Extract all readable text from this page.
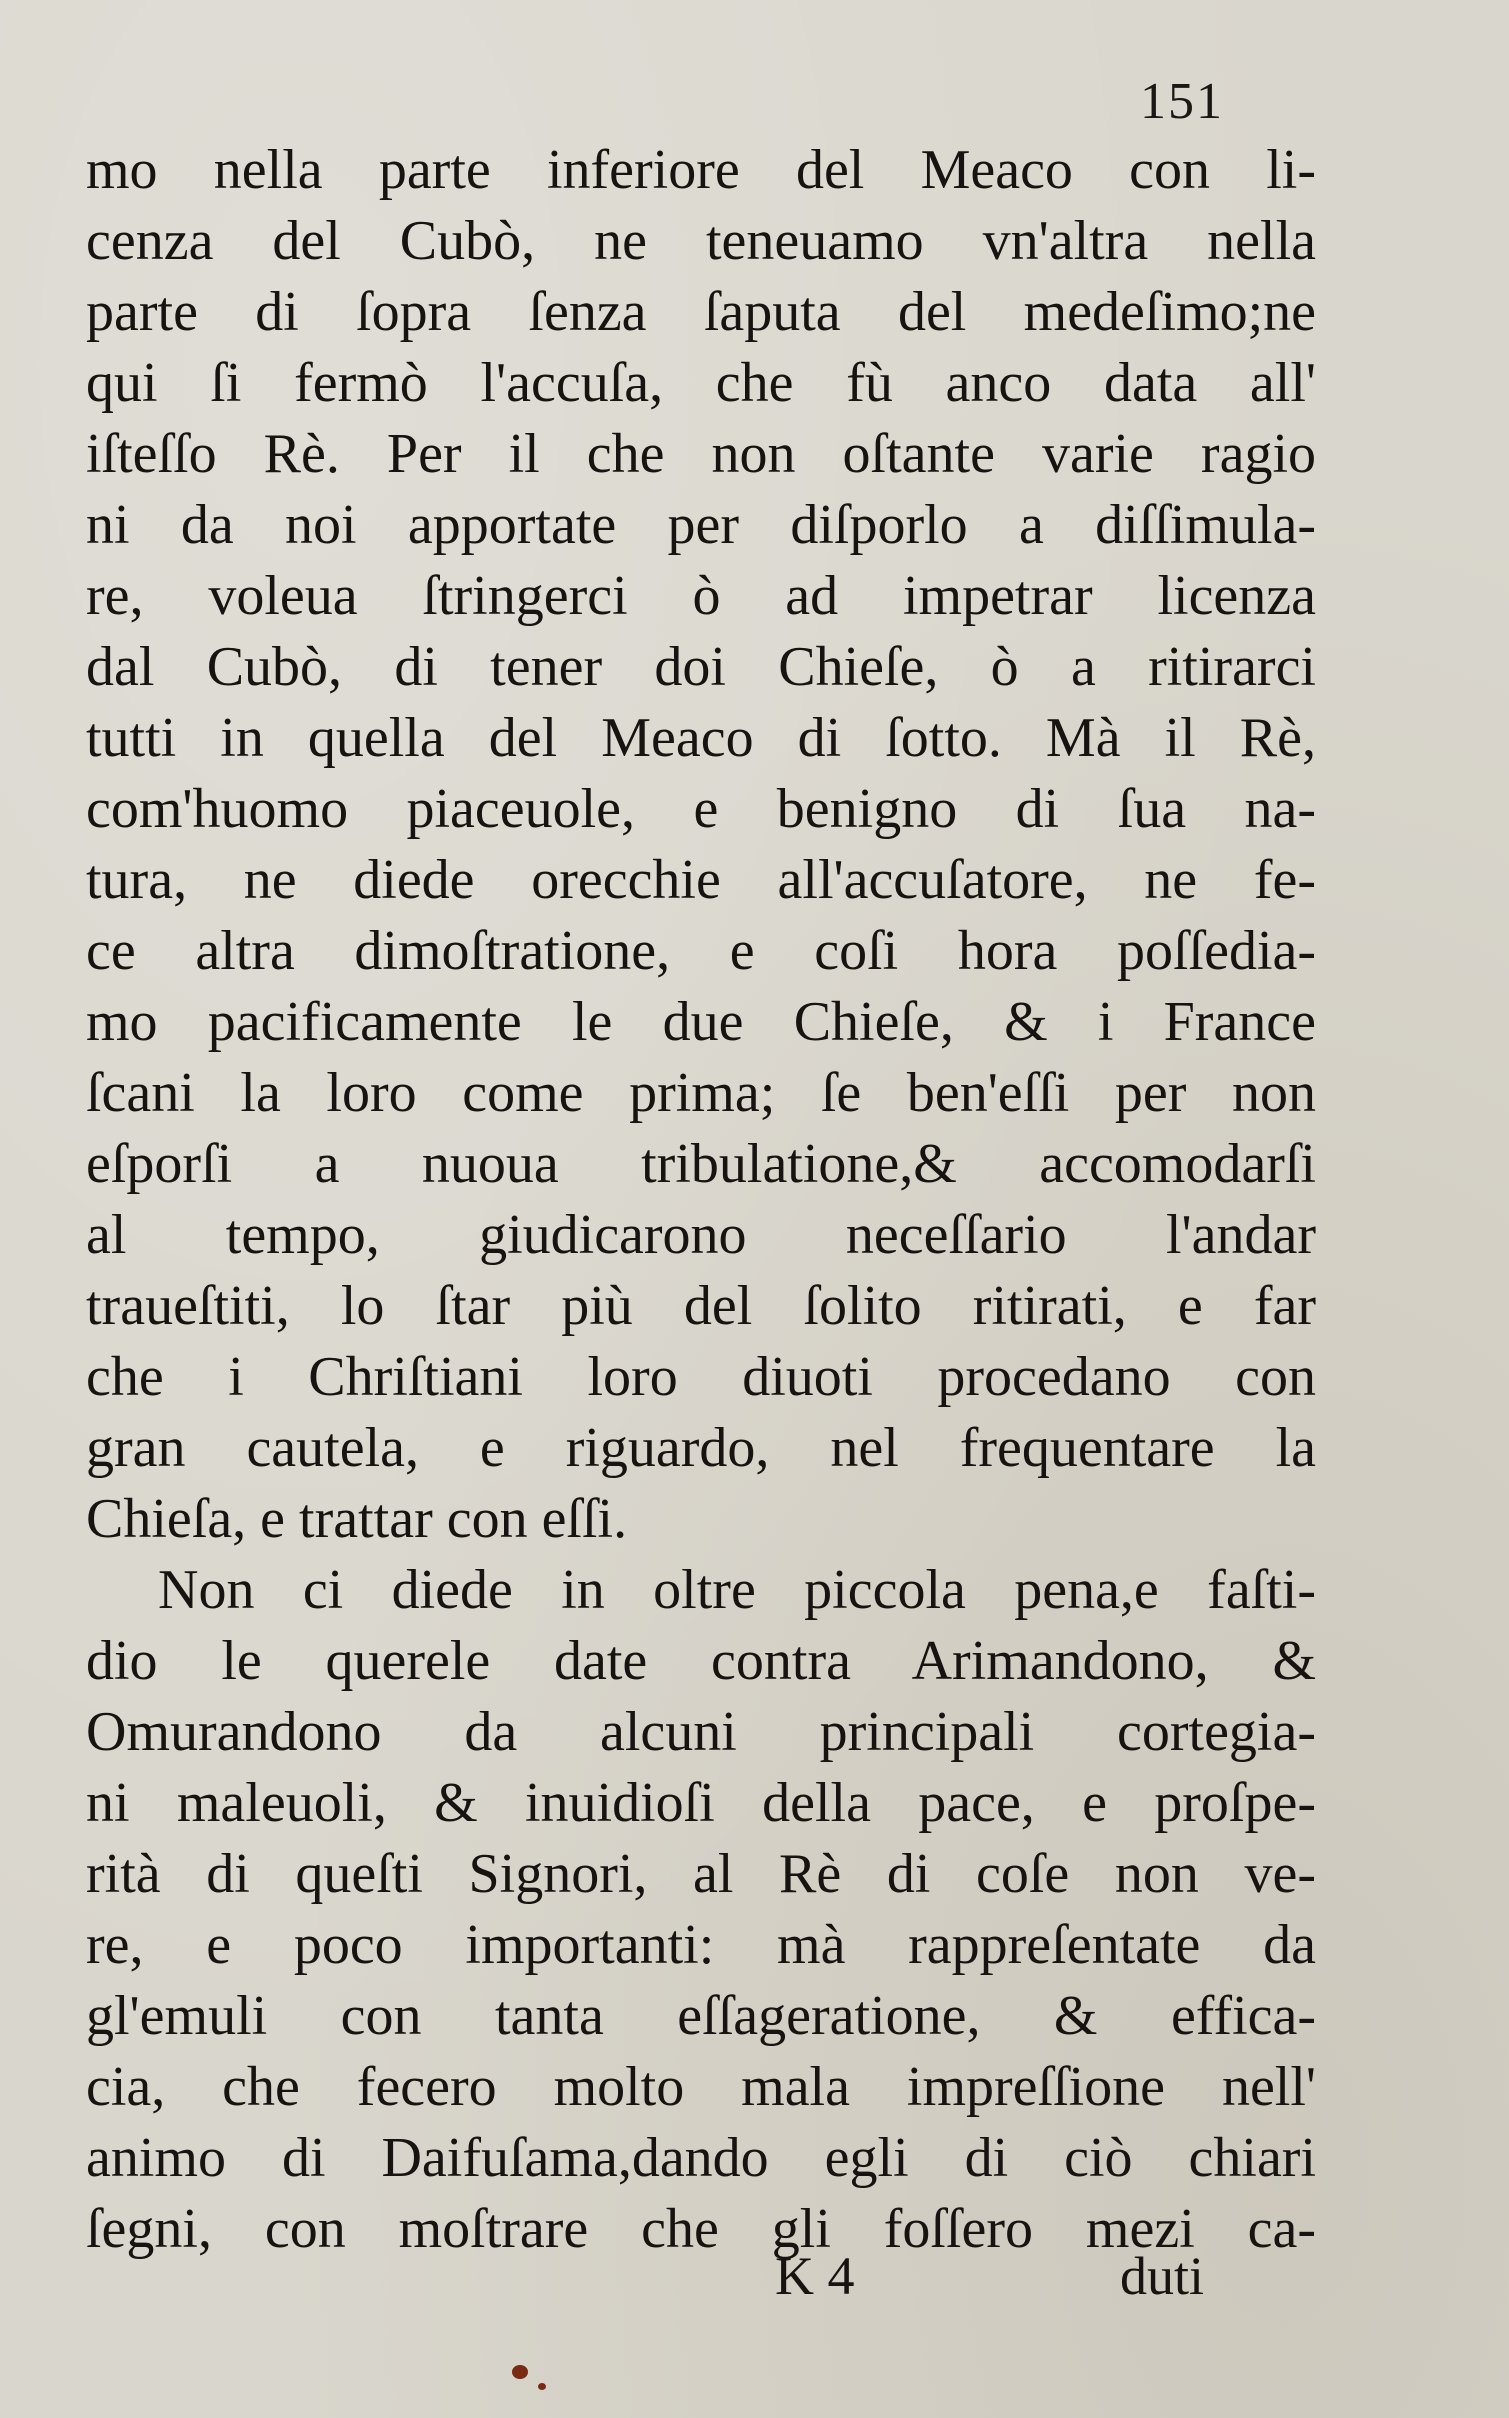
151
mo nella parte inferiore del Meaco con li-
cenza del Cubò, ne teneuamo vn'altra nella
parte di ſopra ſenza ſaputa del medeſimo;ne
qui ſi fermò l'accuſa, che fù anco data all'
iſteſſo Rè. Per il che non oſtante varie ragio
ni da noi apportate per diſporlo a diſſimula-
re, voleua ſtringerci ò ad impetrar licenza
dal Cubò, di tener doi Chieſe, ò a ritirarci
tutti in quella del Meaco di ſotto. Mà il Rè,
com'huomo piaceuole, e benigno di ſua na-
tura, ne diede orecchie all'accuſatore, ne fe-
ce altra dimoſtratione, e coſi hora poſſedia-
mo pacificamente le due Chieſe, & i France
ſcani la loro come prima; ſe ben'eſſi per non
eſporſi a nuoua tribulatione,& accomodarſi
al tempo, giudicarono neceſſario l'andar
traueſtiti, lo ſtar più del ſolito ritirati, e far
che i Chriſtiani loro diuoti procedano con
gran cautela, e riguardo, nel frequentare la
Chieſa, e trattar con eſſi.
Non ci diede in oltre piccola pena,e faſti-
dio le querele date contra Arimandono, &
Omurandono da alcuni principali cortegia-
ni maleuoli, & inuidioſi della pace, e proſpe-
rità di queſti Signori, al Rè di coſe non ve-
re, e poco importanti: mà rappreſentate da
gl'emuli con tanta eſſageratione, & effica-
cia, che fecero molto mala impreſſione nell'
animo di Daifuſama,dando egli di ciò chiari
ſegni, con moſtrare che gli foſſero mezi ca-
K 4	duti
